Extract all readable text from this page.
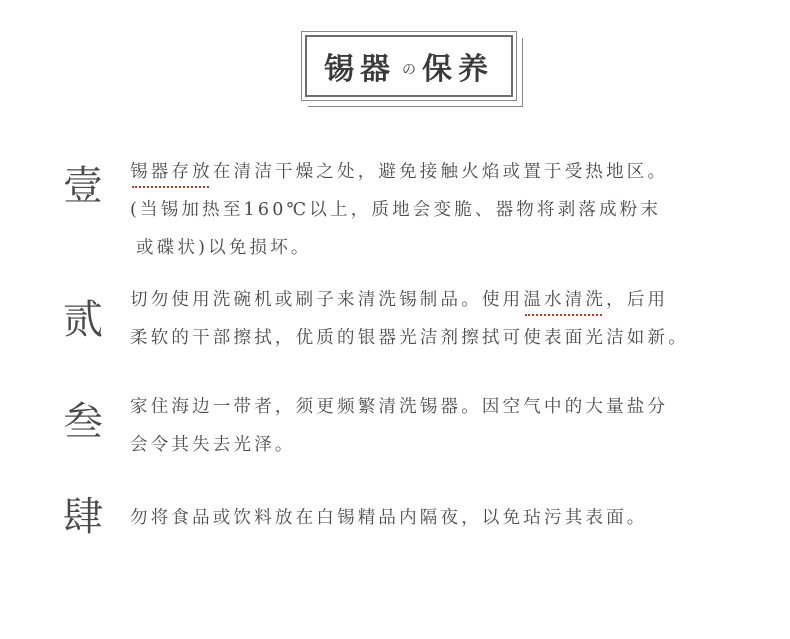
锡器 の 保养
壹 锡器存放在清洁干燥之处，避免接触火焰或置于受热地区。
(当锡加热至160℃以上，质地会变脆、器物将剥落成粉末
或碟状)以免损坏。
贰 切勿使用洗碗机或刷子来清洗锡制品。使用温水清洗，后用
柔软的干部擦拭，优质的银器光洁剂擦拭可使表面光洁如新。
叁 家住海边一带者，须更频繁清洗锡器。因空气中的大量盐分
会令其失去光泽。
肆 勿将食品或饮料放在白锡精品内隔夜，以免玷污其表面。
